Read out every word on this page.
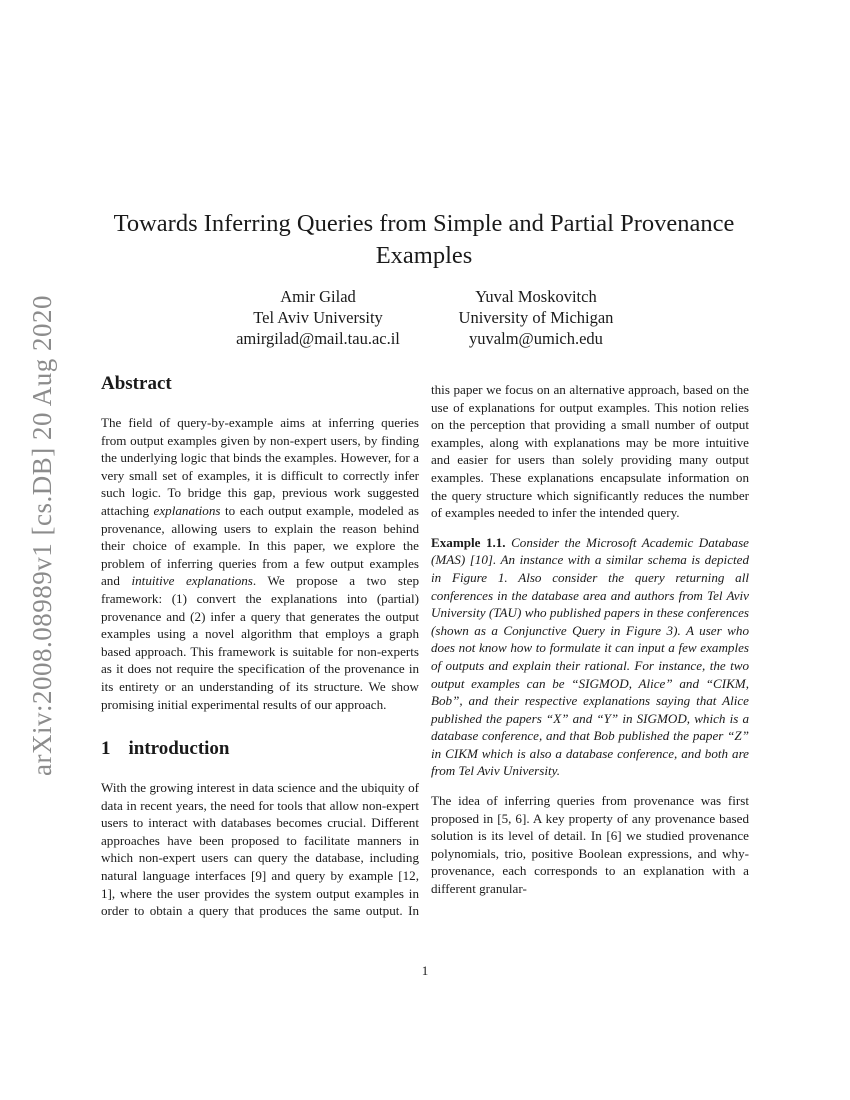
arXiv:2008.08989v1 [cs.DB] 20 Aug 2020
Towards Inferring Queries from Simple and Partial Provenance Examples
Amir Gilad
Tel Aviv University
amirgilad@mail.tau.ac.il
Yuval Moskovitch
University of Michigan
yuvalm@umich.edu
Abstract

The field of query-by-example aims at inferring queries from output examples given by non-expert users, by finding the underlying logic that binds the examples. However, for a very small set of examples, it is difficult to correctly infer such logic. To bridge this gap, previous work suggested attaching explanations to each output example, modeled as provenance, allowing users to explain the reason behind their choice of example. In this paper, we explore the problem of inferring queries from a few output examples and intuitive explanations. We propose a two step framework: (1) convert the explanations into (partial) provenance and (2) infer a query that generates the output examples using a novel algorithm that employs a graph based approach. This framework is suitable for non-experts as it does not require the specification of the provenance in its entirety or an understanding of its structure. We show promising initial experimental results of our approach.

1 introduction

With the growing interest in data science and the ubiquity of data in recent years, the need for tools that allow non-expert users to interact with databases becomes crucial. Different approaches have been proposed to facilitate manners in which non-expert users can query the database, including natural language interfaces [9] and query by example [12, 1], where the user provides the system output examples in order to obtain a query that produces the same output. In

this paper we focus on an alternative approach, based on the use of explanations for output examples. This notion relies on the perception that providing a small number of output examples, along with explanations may be more intuitive and easier for users than solely providing many output examples. These explanations encapsulate information on the query structure which significantly reduces the number of examples needed to infer the intended query.

Example 1.1. Consider the Microsoft Academic Database (MAS) [10]. An instance with a similar schema is depicted in Figure 1. Also consider the query returning all conferences in the database area and authors from Tel Aviv University (TAU) who published papers in these conferences (shown as a Conjunctive Query in Figure 3). A user who does not know how to formulate it can input a few examples of outputs and explain their rational. For instance, the two output examples can be “SIGMOD, Alice” and “CIKM, Bob”, and their respective explanations saying that Alice published the papers “X” and “Y” in SIGMOD, which is a database conference, and that Bob published the paper “Z” in CIKM which is also a database conference, and both are from Tel Aviv University.

The idea of inferring queries from provenance was first proposed in [5, 6]. A key property of any provenance based solution is its level of detail. In [6] we studied provenance polynomials, trio, positive Boolean expressions, and why-provenance, each corresponds to an explanation with a different granular-

1
